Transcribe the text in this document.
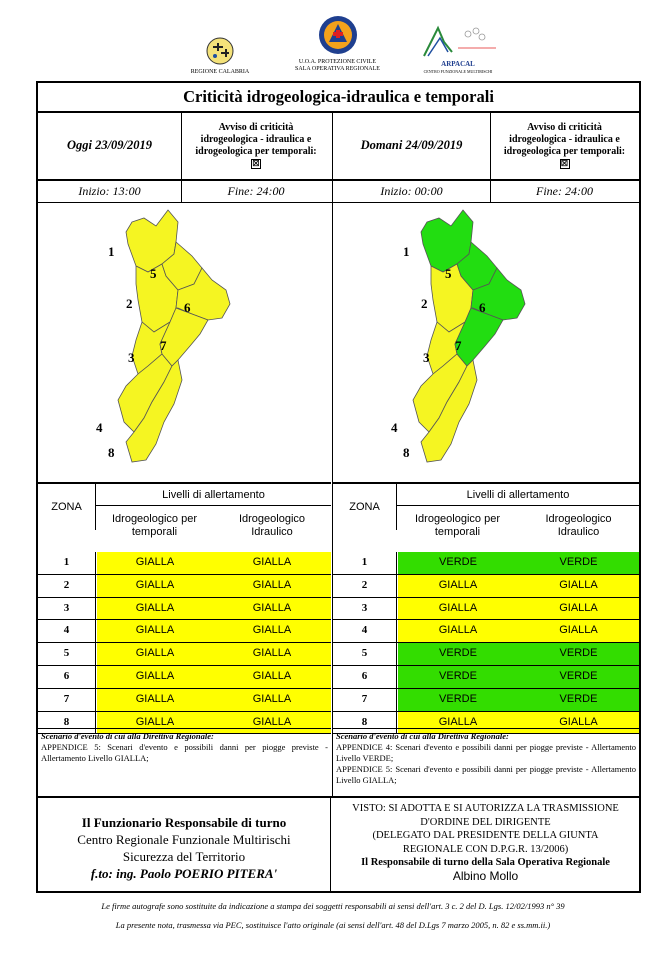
REGIONE CALABRIA
U.O.A. PROTEZIONE CIVILE
SALA OPERATIVA REGIONALE
ARPACAL
CENTRO FUNZIONALE MULTIRISCHI
Criticità idrogeologica-idraulica e temporali
Oggi 23/09/2019
Avviso di criticità
idrogeologica - idraulica e
idrogeologica per temporali:
☒
Domani 24/09/2019
Avviso di criticità
idrogeologica - idraulica e
idrogeologica per temporali:
☒
Inizio: 13:00	Fine: 24:00	Inizio: 00:00	Fine: 24:00
1
2
3
4
5
6
7
8
1
2
3
4
5
6
7
8
ZONA
Livelli di allertamento
Idrogeologico per
temporali
Idrogeologico
Idraulico
1	GIALLA	GIALLA
2	GIALLA	GIALLA
3	GIALLA	GIALLA
4	GIALLA	GIALLA
5	GIALLA	GIALLA
6	GIALLA	GIALLA
7	GIALLA	GIALLA
8	GIALLA	GIALLA
ZONA
Livelli di allertamento
Idrogeologico per
temporali
Idrogeologico
Idraulico
1	VERDE	VERDE
2	GIALLA	GIALLA
3	GIALLA	GIALLA
4	GIALLA	GIALLA
5	VERDE	VERDE
6	VERDE	VERDE
7	VERDE	VERDE
8	GIALLA	GIALLA
Scenario d'evento di cui alla Direttiva Regionale:
APPENDICE 5: Scenari d'evento e possibili danni per piogge previste - Allertamento Livello GIALLA;
Scenario d'evento di cui alla Direttiva Regionale:
APPENDICE 4: Scenari d'evento e possibili danni per piogge previste - Allertamento Livello VERDE;
APPENDICE 5: Scenari d'evento e possibili danni per piogge previste - Allertamento Livello GIALLA;
Il Funzionario Responsabile di turno
Centro Regionale Funzionale Multirischi
Sicurezza del Territorio
f.to: ing. Paolo POERIO PITERA'
VISTO: SI ADOTTA E SI AUTORIZZA LA TRASMISSIONE
D'ORDINE DEL DIRIGENTE
(DELEGATO DAL PRESIDENTE DELLA GIUNTA
REGIONALE CON D.P.G.R. 13/2006)
Il Responsabile di turno della Sala Operativa Regionale
Albino Mollo
Le firme autografe sono sostituite da indicazione a stampa dei soggetti responsabili ai sensi dell'art. 3 c. 2 del D. Lgs. 12/02/1993 n° 39
La presente nota, trasmessa via PEC, sostituisce l'atto originale (ai sensi dell'art. 48 del D.Lgs 7 marzo 2005, n. 82 e ss.mm.ii.)
